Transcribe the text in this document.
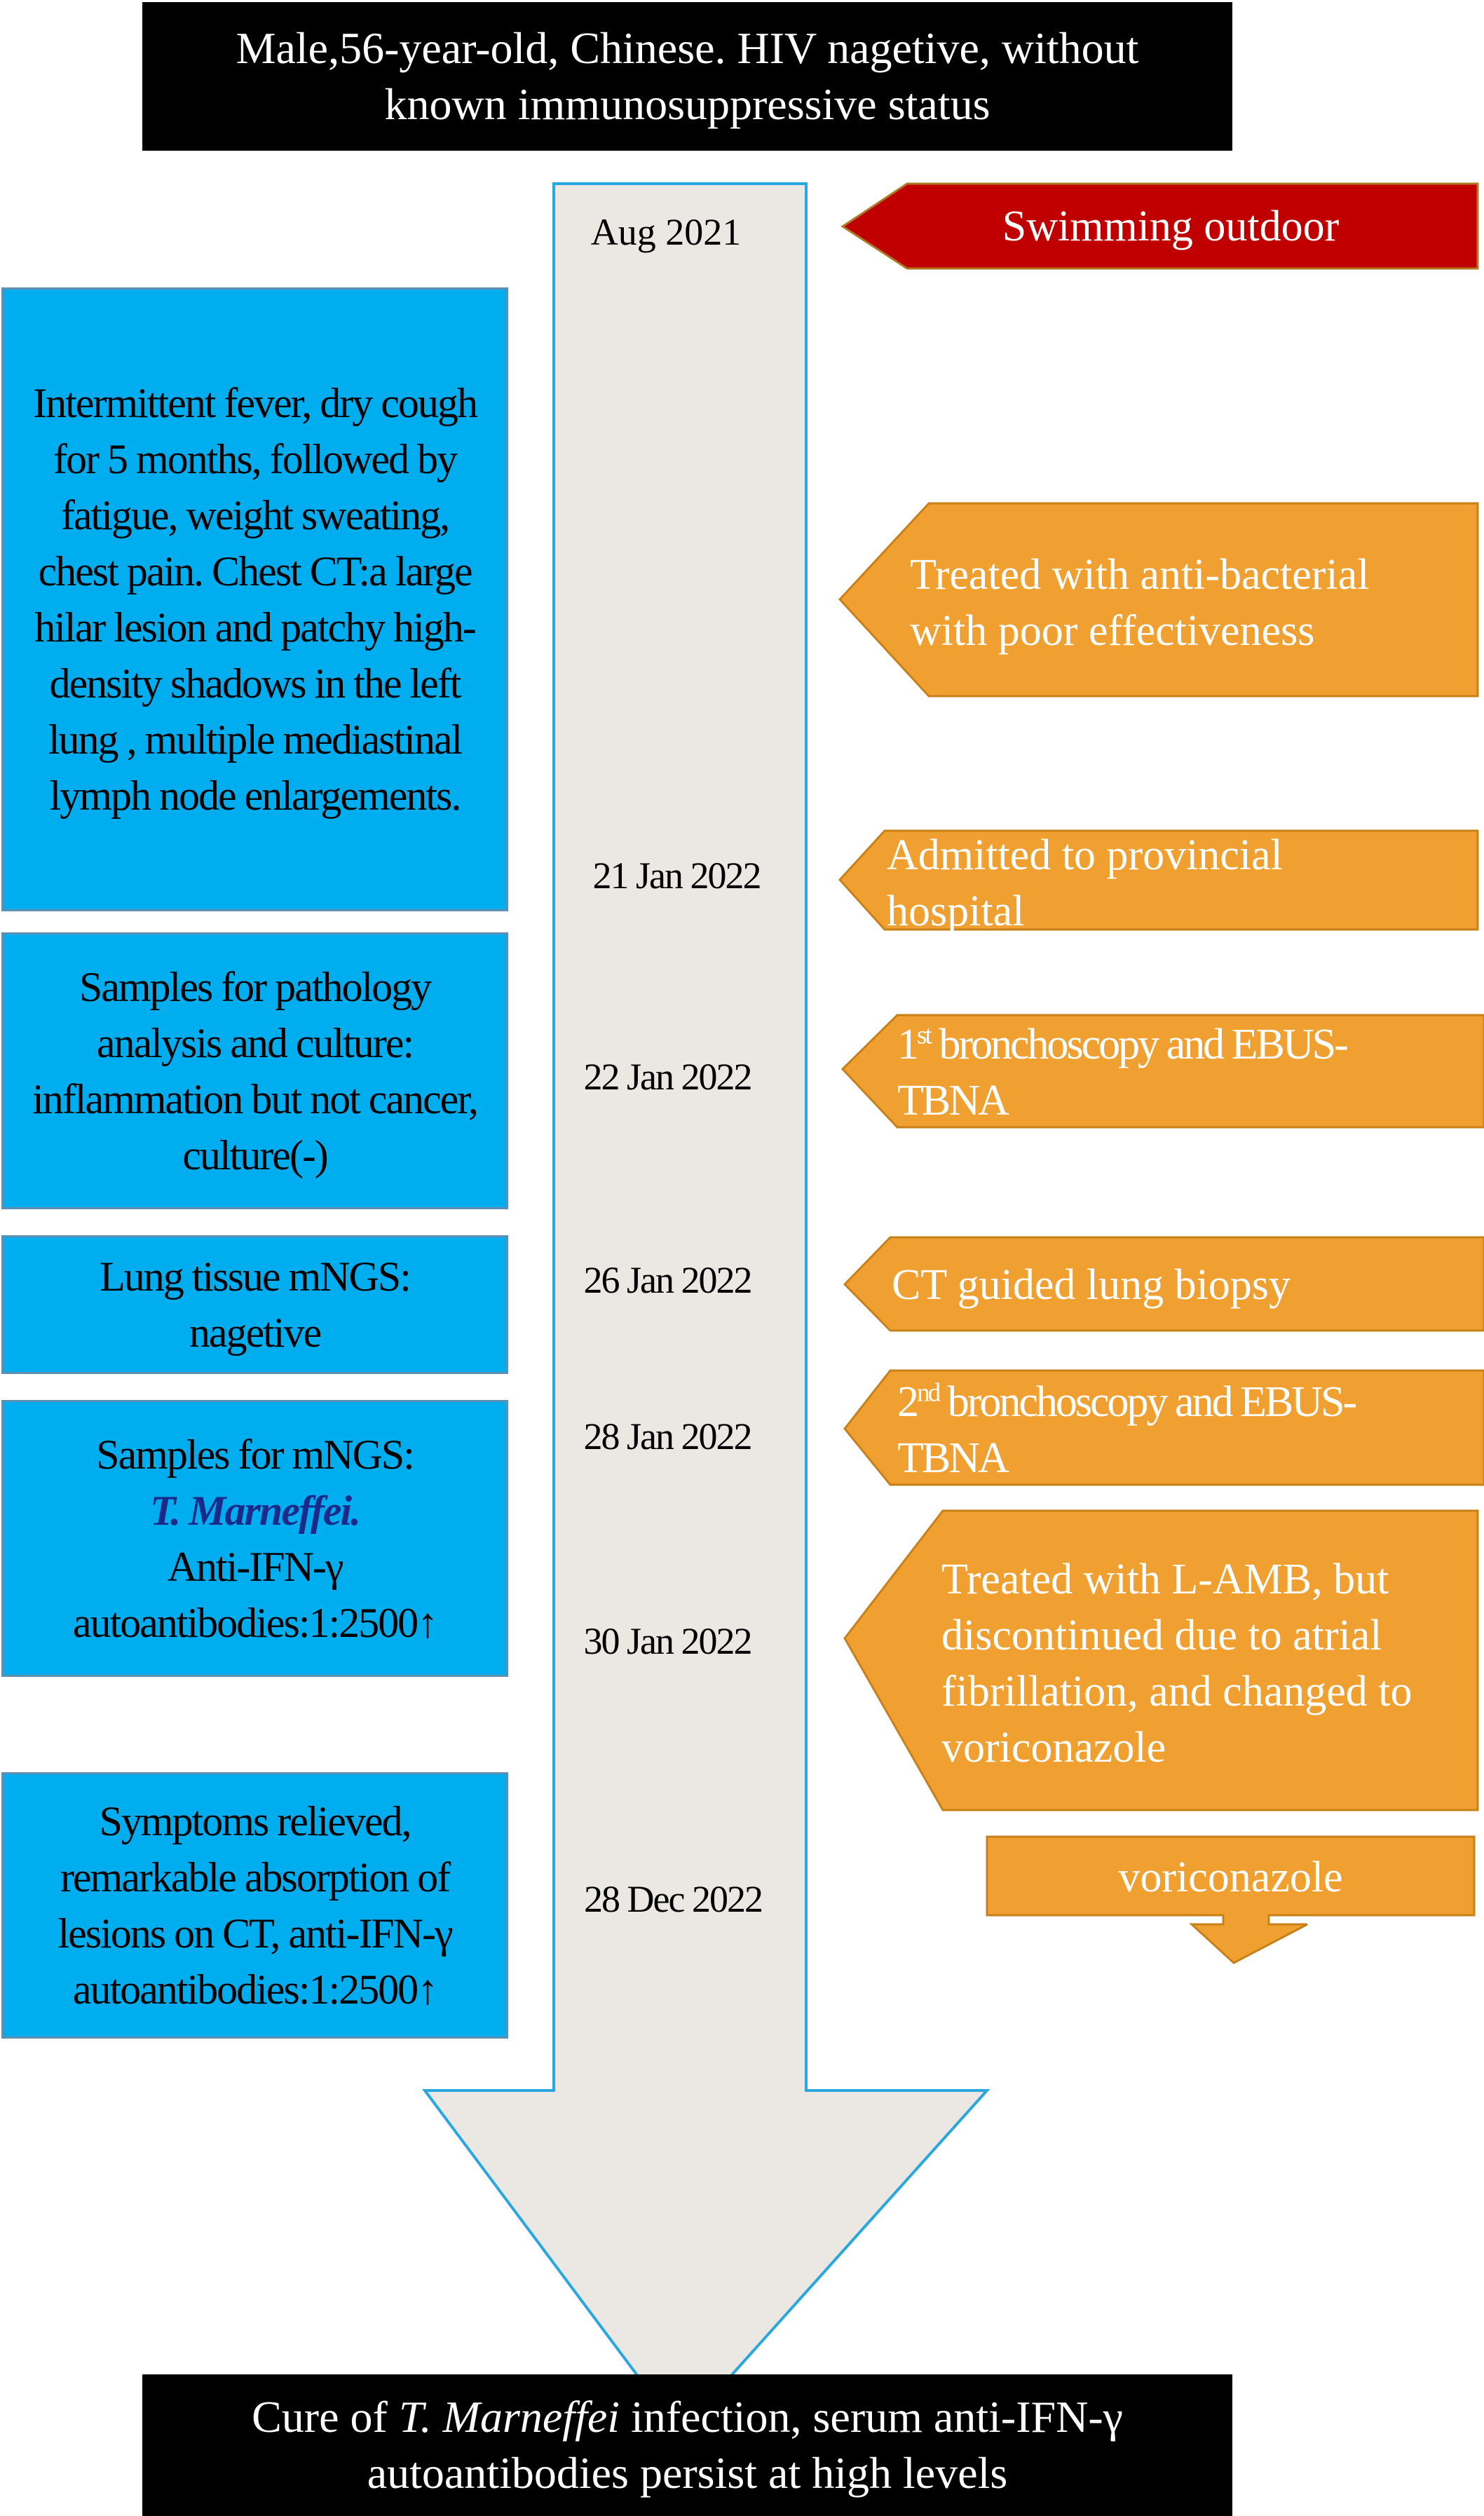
Male,56-year-old, Chinese. HIV nagetive, without
known immunosuppressive status
Aug 2021
21 Jan 2022
22 Jan 2022
26 Jan 2022
28 Jan 2022
30 Jan 2022
28 Dec 2022
Intermittent fever, dry cough
for 5 months, followed by
fatigue, weight sweating,
chest pain. Chest CT:a large
hilar lesion and patchy high-
density shadows in the left
lung , multiple mediastinal
lymph node enlargements.
Samples for pathology
analysis and culture:
inflammation but not cancer,
culture(-)
Lung tissue mNGS:
nagetive
Samples for mNGS:
T. Marneffei.
Anti-IFN-γ
autoantibodies:1:2500↑
Symptoms relieved,
remarkable absorption of
lesions on CT, anti-IFN-γ
autoantibodies:1:2500↑
Swimming outdoor
Treated with anti-bacterial
with poor effectiveness
Admitted to provincial
hospital
1st bronchoscopy and EBUS-
TBNA
CT guided lung biopsy
2nd bronchoscopy and EBUS-
TBNA
Treated with L-AMB, but
discontinued due to atrial
fibrillation, and changed to
voriconazole
voriconazole
Cure of T. Marneffei infection, serum anti-IFN-γ
autoantibodies persist at high levels
